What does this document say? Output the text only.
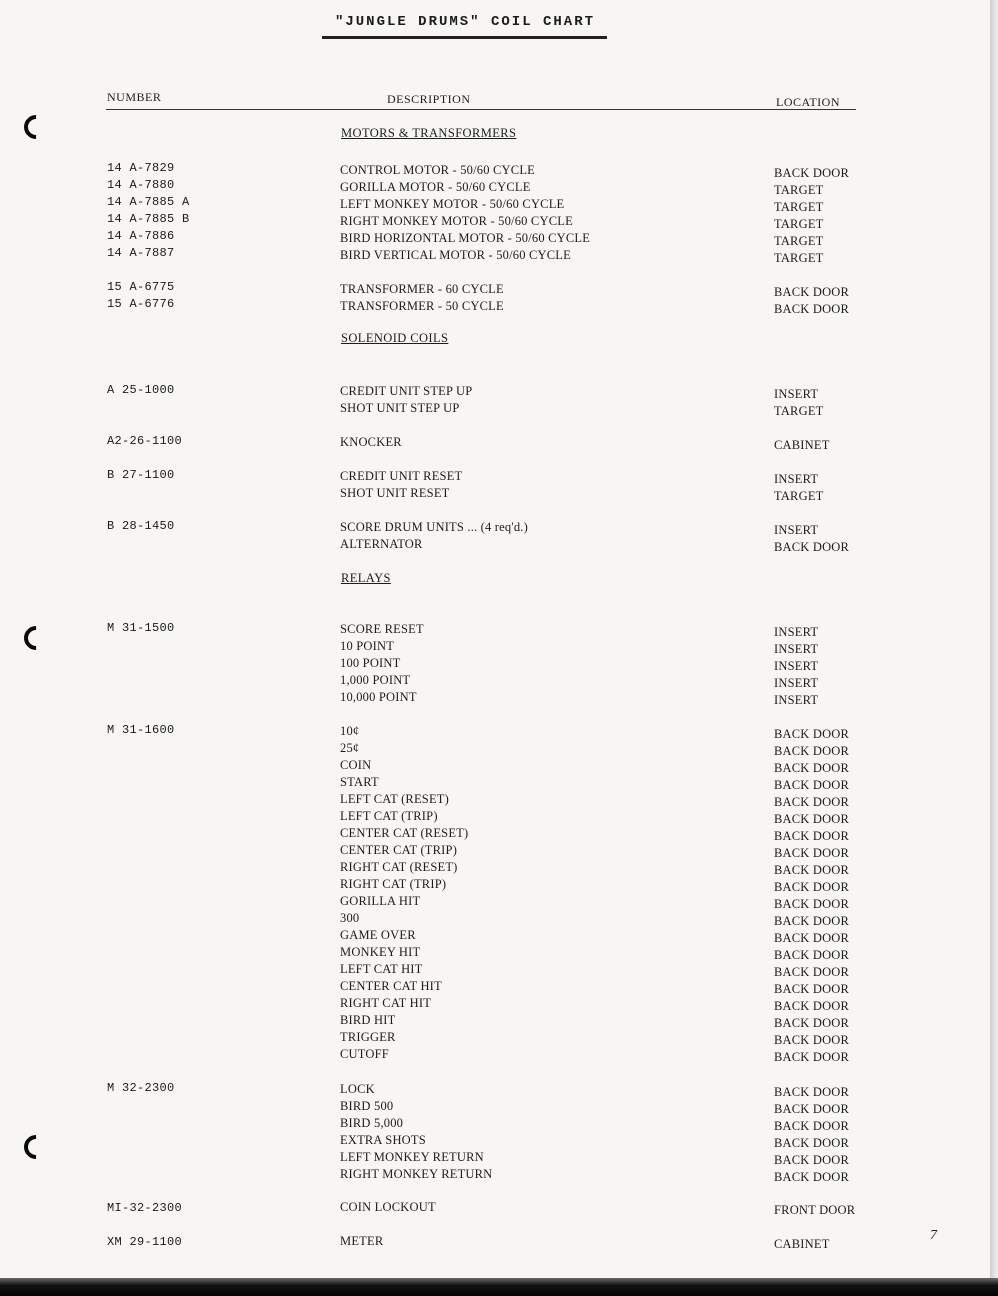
"JUNGLE DRUMS" COIL CHART
NUMBER	DESCRIPTION	LOCATION
MOTORS & TRANSFORMERS
SOLENOID COILS
RELAYS
14 A-7829	CONTROL MOTOR - 50/60 CYCLE	BACK DOOR
14 A-7880	GORILLA MOTOR - 50/60 CYCLE	TARGET
14 A-7885 A	LEFT MONKEY MOTOR - 50/60 CYCLE	TARGET
14 A-7885 B	RIGHT MONKEY MOTOR - 50/60 CYCLE	TARGET
14 A-7886	BIRD HORIZONTAL MOTOR - 50/60 CYCLE	TARGET
14 A-7887	BIRD VERTICAL MOTOR - 50/60 CYCLE	TARGET
15 A-6775	TRANSFORMER - 60 CYCLE	BACK DOOR
15 A-6776	TRANSFORMER - 50 CYCLE	BACK DOOR
A 25-1000	CREDIT UNIT STEP UP	INSERT
SHOT UNIT STEP UP	TARGET
A2-26-1100	KNOCKER	CABINET
B 27-1100	CREDIT UNIT RESET	INSERT
SHOT UNIT RESET	TARGET
B 28-1450	SCORE DRUM UNITS ... (4 req'd.)	INSERT
ALTERNATOR	BACK DOOR
M 31-1500	SCORE RESET	INSERT
10 POINT	INSERT
100 POINT	INSERT
1,000 POINT	INSERT
10,000 POINT	INSERT
M 31-1600	10¢	BACK DOOR
25¢	BACK DOOR
COIN	BACK DOOR
START	BACK DOOR
LEFT CAT (RESET)	BACK DOOR
LEFT CAT (TRIP)	BACK DOOR
CENTER CAT (RESET)	BACK DOOR
CENTER CAT (TRIP)	BACK DOOR
RIGHT CAT (RESET)	BACK DOOR
RIGHT CAT (TRIP)	BACK DOOR
GORILLA HIT	BACK DOOR
300	BACK DOOR
GAME OVER	BACK DOOR
MONKEY HIT	BACK DOOR
LEFT CAT HIT	BACK DOOR
CENTER CAT HIT	BACK DOOR
RIGHT CAT HIT	BACK DOOR
BIRD HIT	BACK DOOR
TRIGGER	BACK DOOR
CUTOFF	BACK DOOR
M 32-2300	LOCK	BACK DOOR
BIRD 500	BACK DOOR
BIRD 5,000	BACK DOOR
EXTRA SHOTS	BACK DOOR
LEFT MONKEY RETURN	BACK DOOR
RIGHT MONKEY RETURN	BACK DOOR
MI-32-2300	COIN LOCKOUT	FRONT DOOR
XM 29-1100	METER	CABINET
7
